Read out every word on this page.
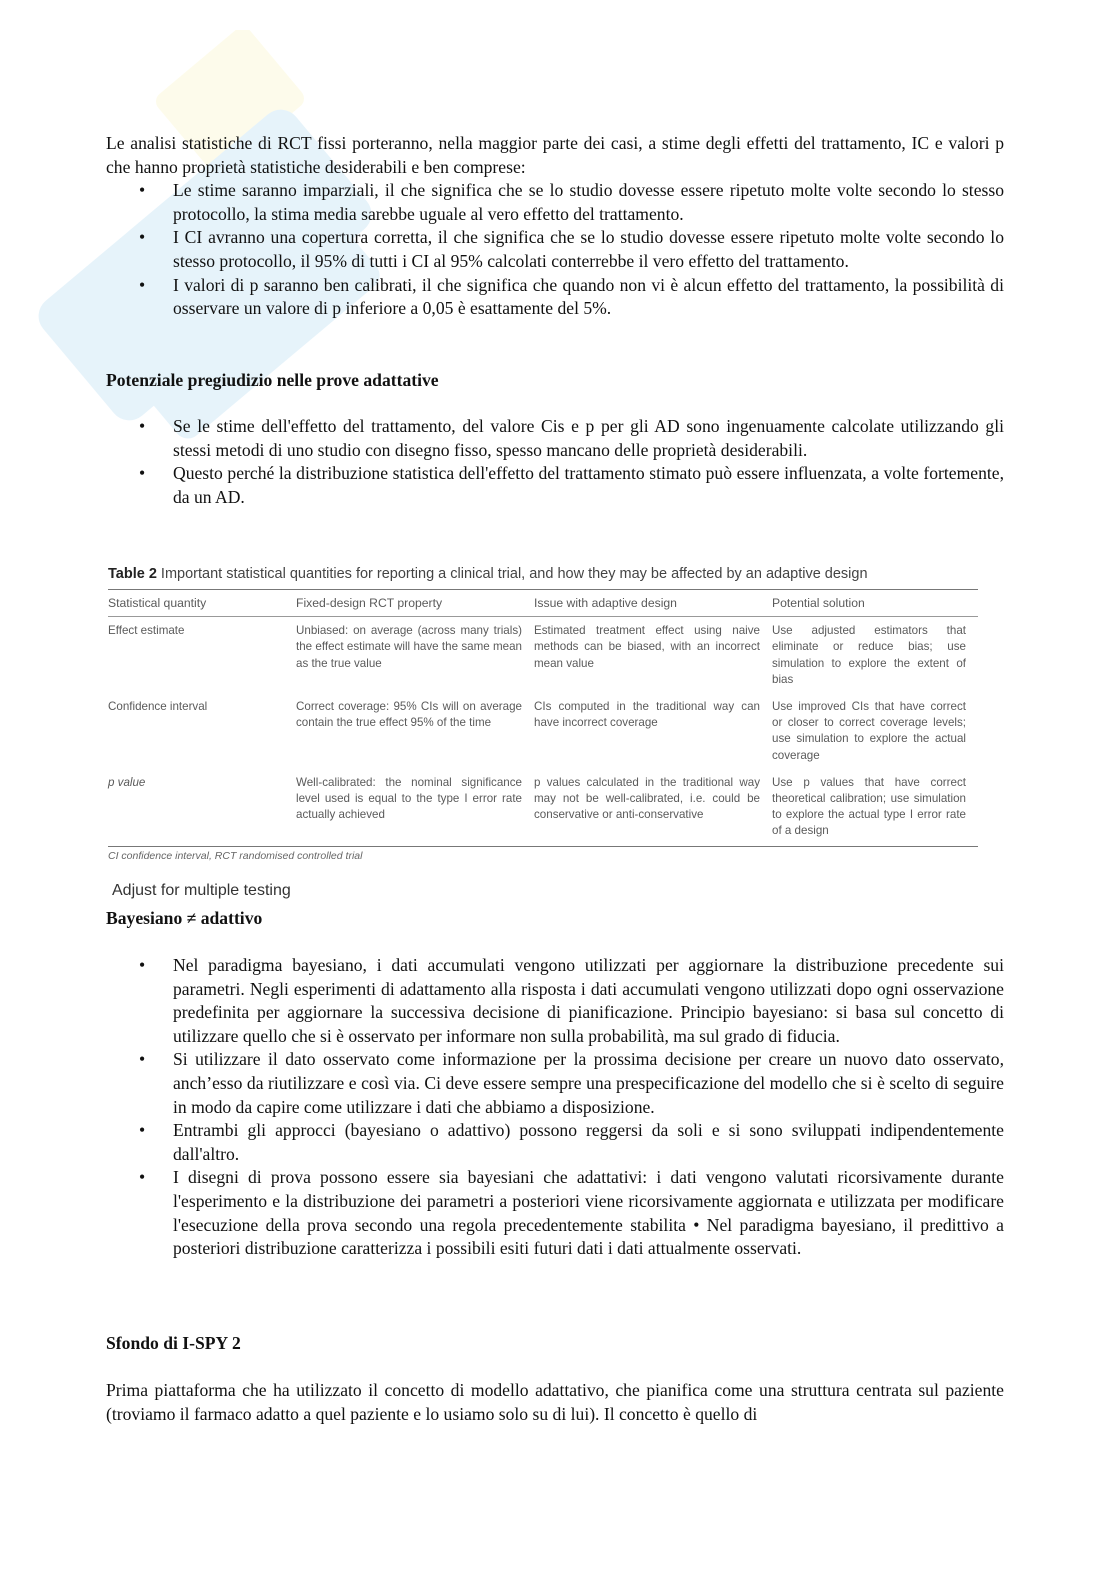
Le analisi statistiche di RCT fissi porteranno, nella maggior parte dei casi, a stime degli effetti del trattamento, IC e valori p che hanno proprietà statistiche desiderabili e ben comprese:

• Le stime saranno imparziali, il che significa che se lo studio dovesse essere ripetuto molte volte secondo lo stesso protocollo, la stima media sarebbe uguale al vero effetto del trattamento.
• I CI avranno una copertura corretta, il che significa che se lo studio dovesse essere ripetuto molte volte secondo lo stesso protocollo, il 95% di tutti i CI al 95% calcolati conterrebbe il vero effetto del trattamento.
• I valori di p saranno ben calibrati, il che significa che quando non vi è alcun effetto del trattamento, la possibilità di osservare un valore di p inferiore a 0,05 è esattamente del 5%.

Potenziale pregiudizio nelle prove adattative

• Se le stime dell'effetto del trattamento, del valore Cis e p per gli AD sono ingenuamente calcolate utilizzando gli stessi metodi di uno studio con disegno fisso, spesso mancano delle proprietà desiderabili.
• Questo perché la distribuzione statistica dell'effetto del trattamento stimato può essere influenzata, a volte fortemente, da un AD.

Table 2 Important statistical quantities for reporting a clinical trial, and how they may be affected by an adaptive design

Statistical quantity	Fixed-design RCT property	Issue with adaptive design	Potential solution
Effect estimate	Unbiased: on average (across many trials) the effect estimate will have the same mean as the true value	Estimated treatment effect using naive methods can be biased, with an incorrect mean value	Use adjusted estimators that eliminate or reduce bias; use simulation to explore the extent of bias
Confidence interval	Correct coverage: 95% CIs will on average contain the true effect 95% of the time	CIs computed in the traditional way can have incorrect coverage	Use improved CIs that have correct or closer to correct coverage levels; use simulation to explore the actual coverage
p value	Well-calibrated: the nominal significance level used is equal to the type I error rate actually achieved	p values calculated in the traditional way may not be well-calibrated, i.e. could be conservative or anti-conservative	Use p values that have correct theoretical calibration; use simulation to explore the actual type I error rate of a design
CI confidence interval, RCT randomised controlled trial
Adjust for multiple testing

Bayesiano ≠ adattivo

• Nel paradigma bayesiano, i dati accumulati vengono utilizzati per aggiornare la distribuzione precedente sui parametri. Negli esperimenti di adattamento alla risposta i dati accumulati vengono utilizzati dopo ogni osservazione predefinita per aggiornare la successiva decisione di pianificazione. Principio bayesiano: si basa sul concetto di utilizzare quello che si è osservato per informare non sulla probabilità, ma sul grado di fiducia.
• Si utilizzare il dato osservato come informazione per la prossima decisione per creare un nuovo dato osservato, anch’esso da riutilizzare e così via. Ci deve essere sempre una prespecificazione del modello che si è scelto di seguire in modo da capire come utilizzare i dati che abbiamo a disposizione.
• Entrambi gli approcci (bayesiano o adattivo) possono reggersi da soli e si sono sviluppati indipendentemente dall'altro.
• I disegni di prova possono essere sia bayesiani che adattativi: i dati vengono valutati ricorsivamente durante l'esperimento e la distribuzione dei parametri a posteriori viene ricorsivamente aggiornata e utilizzata per modificare l'esecuzione della prova secondo una regola precedentemente stabilita • Nel paradigma bayesiano, il predittivo a posteriori distribuzione caratterizza i possibili esiti futuri dati i dati attualmente osservati.

Sfondo di I-SPY 2

Prima piattaforma che ha utilizzato il concetto di modello adattativo, che pianifica come una struttura centrata sul paziente (troviamo il farmaco adatto a quel paziente e lo usiamo solo su di lui). Il concetto è quello di
